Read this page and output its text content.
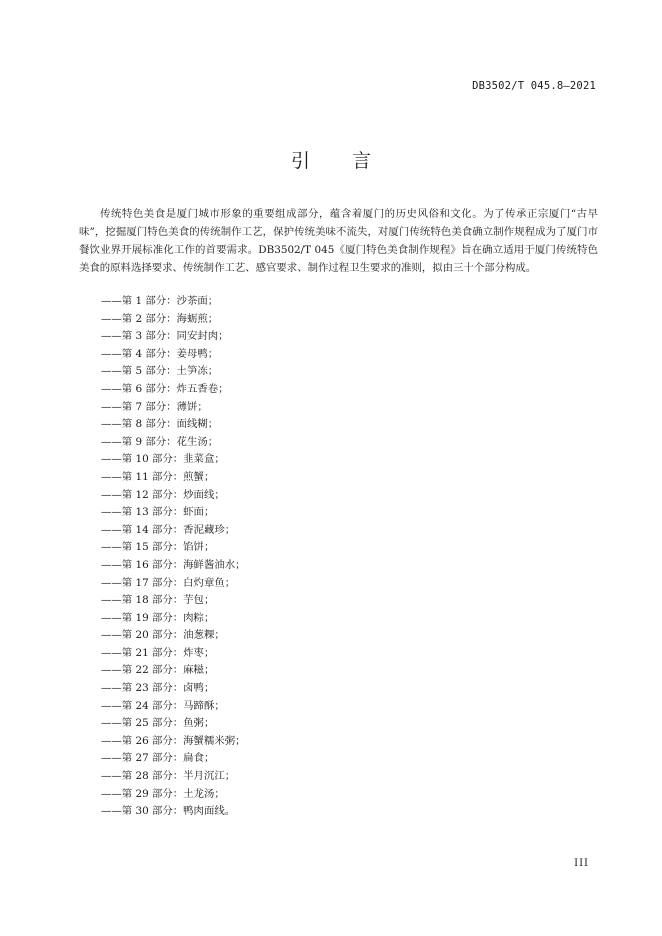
DB3502/T 045.8—2021
引 言

传统特色美食是厦门城市形象的重要组成部分，蕴含着厦门的历史风俗和文化。为了传承正宗厦门“古早味”，挖掘厦门特色美食的传统制作工艺，保护传统美味不流失，对厦门传统特色美食确立制作规程成为了厦门市餐饮业界开展标准化工作的首要需求。DB3502/T 045《厦门特色美食制作规程》旨在确立适用于厦门传统特色美食的原料选择要求、传统制作工艺、感官要求、制作过程卫生要求的准则，拟由三十个部分构成。

——第 1 部分：沙茶面；
——第 2 部分：海蛎煎；
——第 3 部分：同安封肉；
——第 4 部分：姜母鸭；
——第 5 部分：土笋冻；
——第 6 部分：炸五香卷；
——第 7 部分：薄饼；
——第 8 部分：面线糊；
——第 9 部分：花生汤；
——第 10 部分：韭菜盒；
——第 11 部分：煎蟹；
——第 12 部分：炒面线；
——第 13 部分：虾面；
——第 14 部分：香泥藏珍；
——第 15 部分：馅饼；
——第 16 部分：海鲜酱油水；
——第 17 部分：白灼章鱼；
——第 18 部分：芋包；
——第 19 部分：肉粽；
——第 20 部分：油葱粿；
——第 21 部分：炸枣；
——第 22 部分：麻糍；
——第 23 部分：卤鸭；
——第 24 部分：马蹄酥；
——第 25 部分：鱼粥；
——第 26 部分：海蟹糯米粥；
——第 27 部分：扁食；
——第 28 部分：半月沉江；
——第 29 部分：土龙汤；
——第 30 部分：鸭肉面线。
III
